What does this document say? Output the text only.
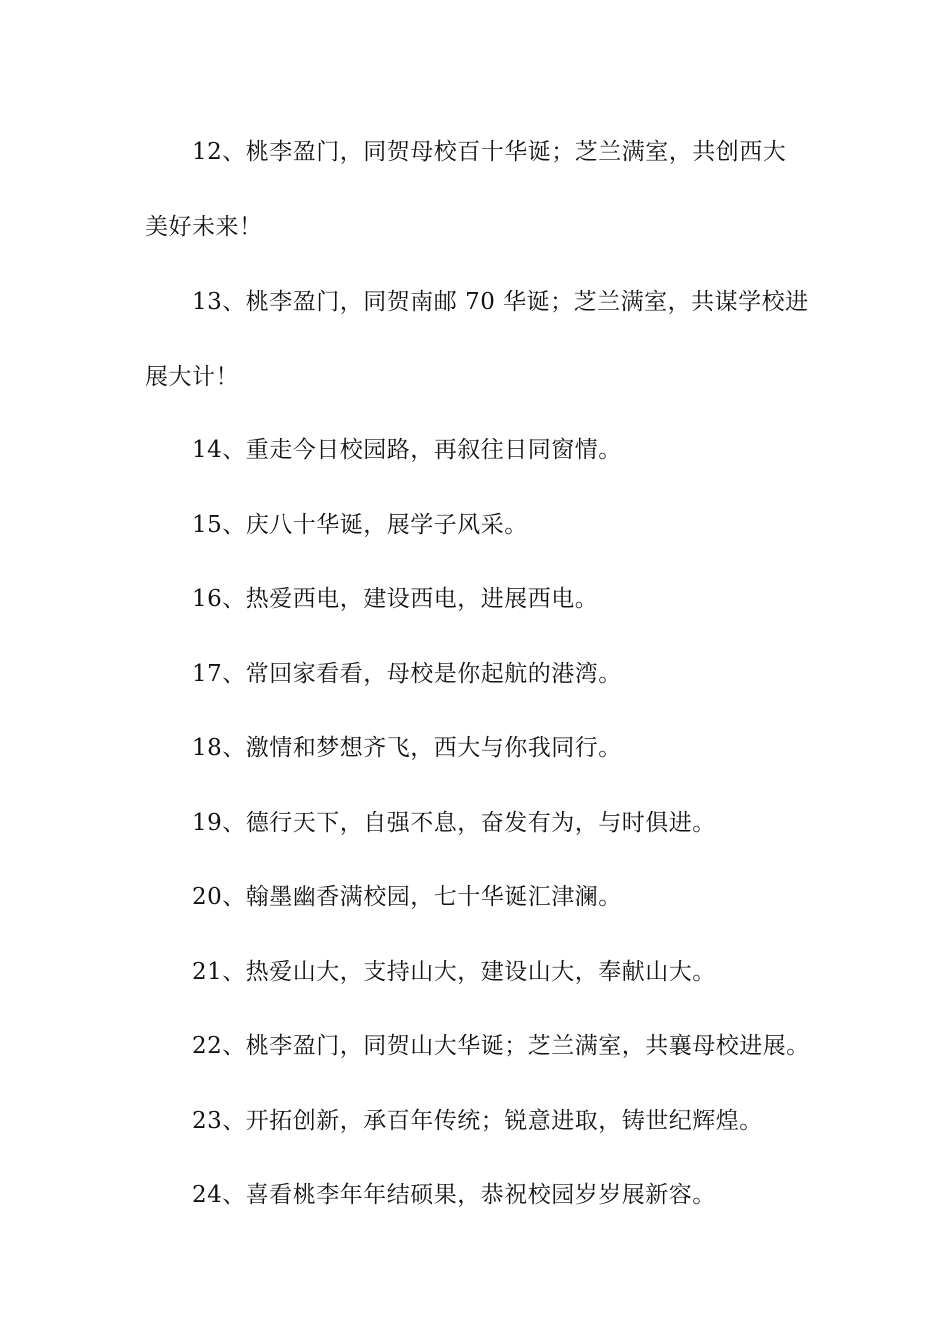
12、桃李盈门，同贺母校百十华诞；芝兰满室，共创西大
美好未来！
13、桃李盈门，同贺南邮 70 华诞；芝兰满室，共谋学校进
展大计！
14、重走今日校园路，再叙往日同窗情。
15、庆八十华诞，展学子风采。
16、热爱西电，建设西电，进展西电。
17、常回家看看，母校是你起航的港湾。
18、激情和梦想齐飞，西大与你我同行。
19、德行天下，自强不息，奋发有为，与时俱进。
20、翰墨幽香满校园，七十华诞汇津澜。
21、热爱山大，支持山大，建设山大，奉献山大。
22、桃李盈门，同贺山大华诞；芝兰满室，共襄母校进展。
23、开拓创新，承百年传统；锐意进取，铸世纪辉煌。
24、喜看桃李年年结硕果，恭祝校园岁岁展新容。
